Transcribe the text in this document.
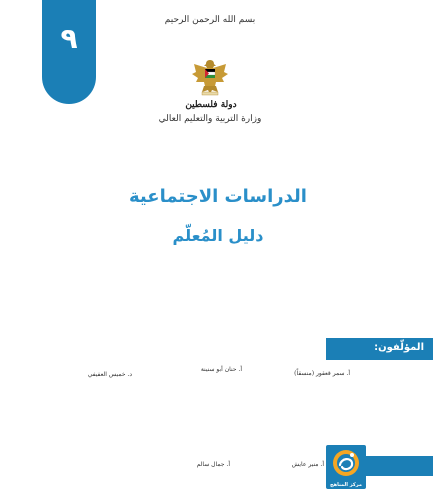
٩
بسم الله الرحمن الرحيم
دولة فلسطين
وزارة التربية والتعليم العالي
الدراسات الاجتماعية
دليل المُعلّم
المؤلّفون:
أ. سمر قعقور (منسقاً)
أ. حنان أبو سنينة
د. خميس العفيفي
أ. منير عايش
أ. جمال سالم
مركز المناهج
